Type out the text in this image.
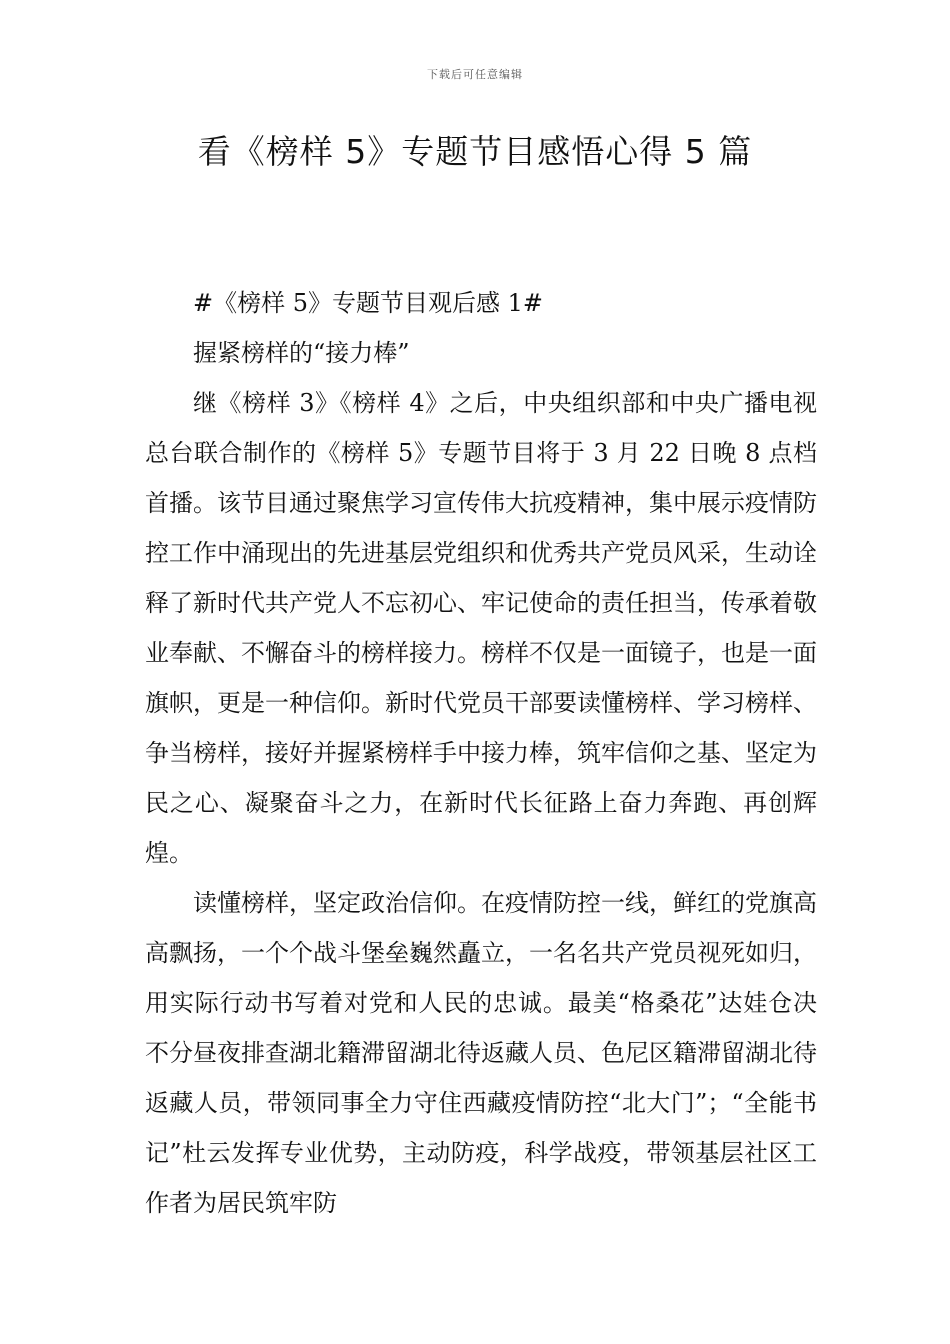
下载后可任意编辑
看《榜样 5》专题节目感悟心得 5 篇

#《榜样 5》专题节目观后感 1#

握紧榜样的“接力棒”

继《榜样 3》《榜样 4》之后，中央组织部和中央广播电视总台联合制作的《榜样 5》专题节目将于 3 月 22 日晚 8 点档首播。该节目通过聚焦学习宣传伟大抗疫精神，集中展示疫情防控工作中涌现出的先进基层党组织和优秀共产党员风采，生动诠释了新时代共产党人不忘初心、牢记使命的责任担当，传承着敬业奉献、不懈奋斗的榜样接力。榜样不仅是一面镜子，也是一面旗帜，更是一种信仰。新时代党员干部要读懂榜样、学习榜样、争当榜样，接好并握紧榜样手中接力棒，筑牢信仰之基、坚定为民之心、凝聚奋斗之力，在新时代长征路上奋力奔跑、再创辉煌。

读懂榜样，坚定政治信仰。在疫情防控一线，鲜红的党旗高高飘扬，一个个战斗堡垒巍然矗立，一名名共产党员视死如归，用实际行动书写着对党和人民的忠诚。最美“格桑花”达娃仓决不分昼夜排查湖北籍滞留湖北待返藏人员、色尼区籍滞留湖北待返藏人员，带领同事全力守住西藏疫情防控“北大门”；“全能书记”杜云发挥专业优势，主动防疫，科学战疫，带领基层社区工作者为居民筑牢防
